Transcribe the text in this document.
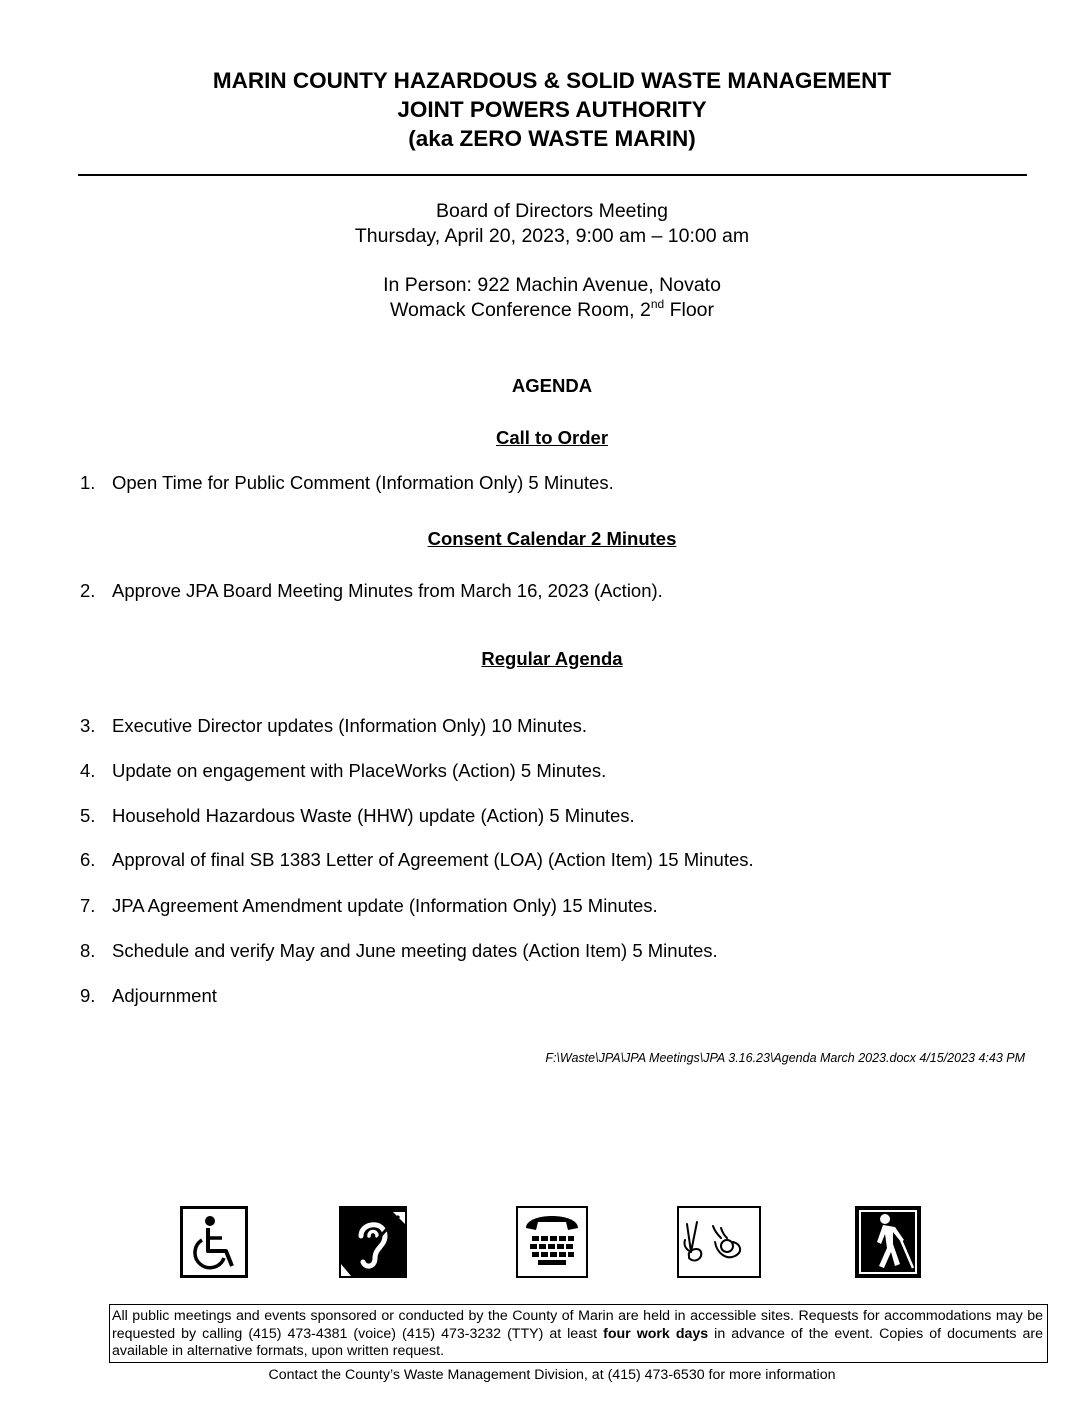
MARIN COUNTY HAZARDOUS & SOLID WASTE MANAGEMENT
JOINT POWERS AUTHORITY
(aka ZERO WASTE MARIN)
Board of Directors Meeting
Thursday, April 20, 2023, 9:00 am – 10:00 am
In Person: 922 Machin Avenue, Novato
Womack Conference Room, 2nd Floor
AGENDA
Call to Order
1. Open Time for Public Comment (Information Only) 5 Minutes.
Consent Calendar 2 Minutes
2. Approve JPA Board Meeting Minutes from March 16, 2023 (Action).
Regular Agenda
3. Executive Director updates (Information Only) 10 Minutes.
4. Update on engagement with PlaceWorks (Action) 5 Minutes.
5. Household Hazardous Waste (HHW) update (Action) 5 Minutes.
6. Approval of final SB 1383 Letter of Agreement (LOA) (Action Item) 15 Minutes.
7. JPA Agreement Amendment update (Information Only) 15 Minutes.
8. Schedule and verify May and June meeting dates (Action Item) 5 Minutes.
9. Adjournment
F:\Waste\JPA\JPA Meetings\JPA 3.16.23\Agenda March 2023.docx 4/15/2023 4:43 PM
All public meetings and events sponsored or conducted by the County of Marin are held in accessible sites. Requests for accommodations may be requested by calling (415) 473-4381 (voice) (415) 473-3232 (TTY) at least four work days in advance of the event. Copies of documents are available in alternative formats, upon written request.
Contact the County’s Waste Management Division, at (415) 473-6530 for more information
